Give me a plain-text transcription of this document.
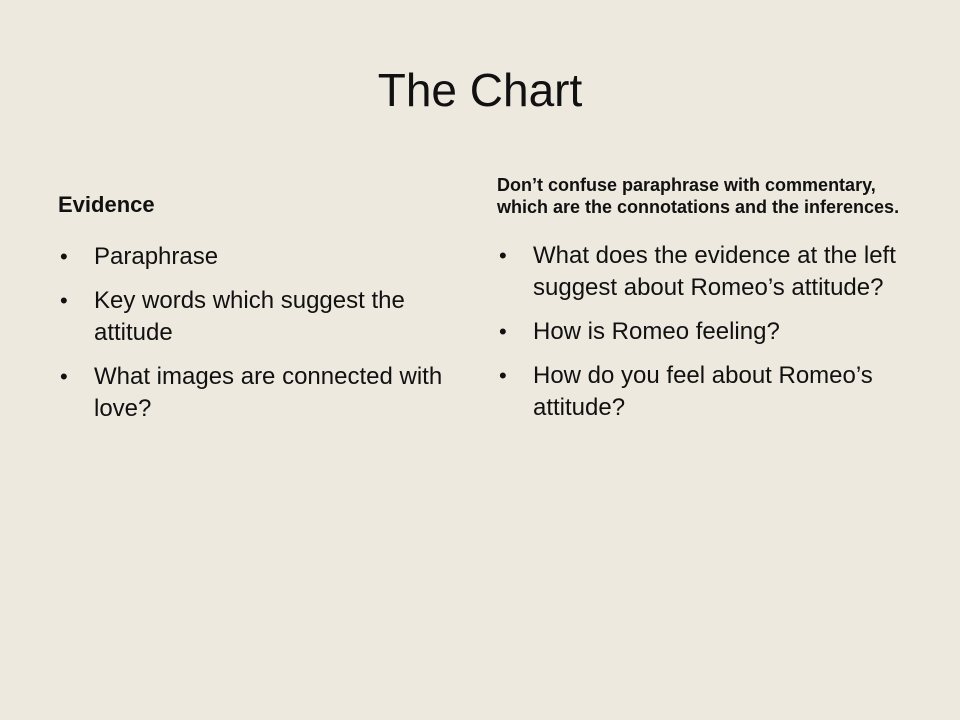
The Chart
Evidence
• Paraphrase
• Key words which suggest the attitude
• What images are connected with love?
Don’t confuse paraphrase with commentary, which are the connotations and the inferences.
• What does the evidence at the left suggest about Romeo’s attitude?
• How is Romeo feeling?
• How do you feel about Romeo’s attitude?
